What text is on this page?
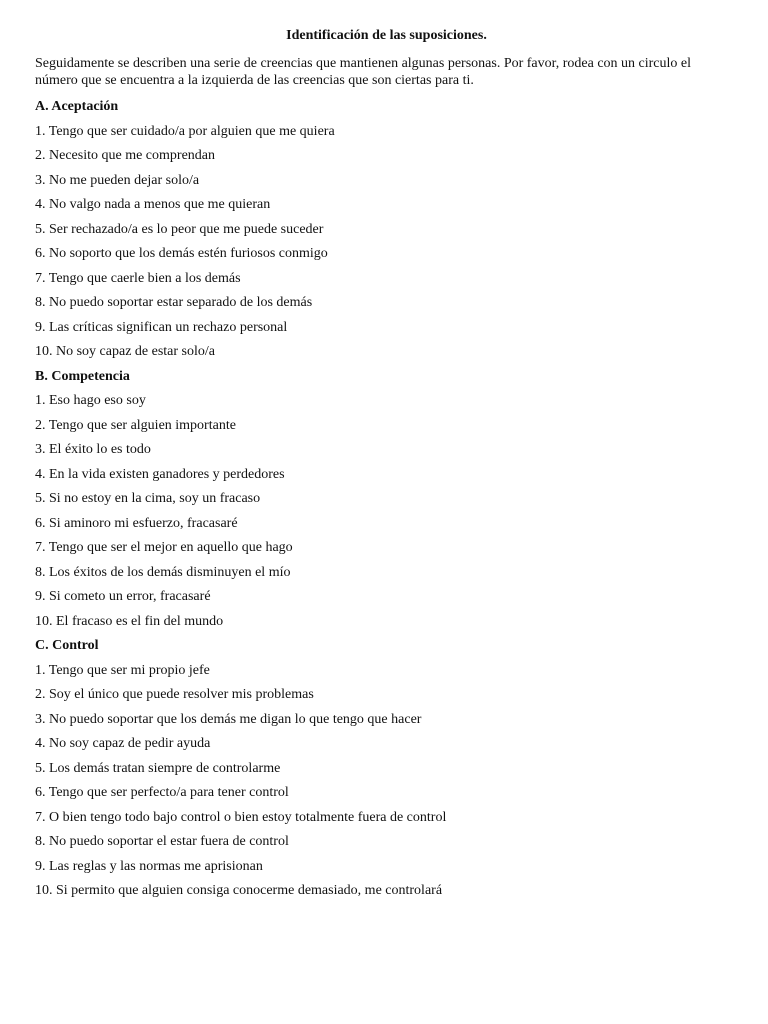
Identificación de las suposiciones.

Seguidamente se describen una serie de creencias que mantienen algunas personas. Por favor, rodea con un circulo el número que se encuentra a la izquierda de las creencias que son ciertas para ti.

A. Aceptación
1. Tengo que ser cuidado/a por alguien que me quiera
2. Necesito que me comprendan
3. No me pueden dejar solo/a
4. No valgo nada a menos que me quieran
5. Ser rechazado/a es lo peor que me puede suceder
6. No soporto que los demás estén furiosos conmigo
7. Tengo que caerle bien a los demás
8. No puedo soportar estar separado de los demás
9. Las críticas significan un rechazo personal
10. No soy capaz de estar solo/a
B. Competencia
1. Eso hago eso soy
2. Tengo que ser alguien importante
3. El éxito lo es todo
4. En la vida existen ganadores y perdedores
5. Si no estoy en la cima, soy un fracaso
6. Si aminoro mi esfuerzo, fracasaré
7. Tengo que ser el mejor en aquello que hago
8. Los éxitos de los demás disminuyen el mío
9. Si cometo un error, fracasaré
10. El fracaso es el fin del mundo
C. Control
1. Tengo que ser mi propio jefe
2. Soy el único que puede resolver mis problemas
3. No puedo soportar que los demás me digan lo que tengo que hacer
4. No soy capaz de pedir ayuda
5. Los demás tratan siempre de controlarme
6. Tengo que ser perfecto/a para tener control
7. O bien tengo todo bajo control o bien estoy totalmente fuera de control
8. No puedo soportar el estar fuera de control
9. Las reglas y las normas me aprisionan
10. Si permito que alguien consiga conocerme demasiado, me controlará
